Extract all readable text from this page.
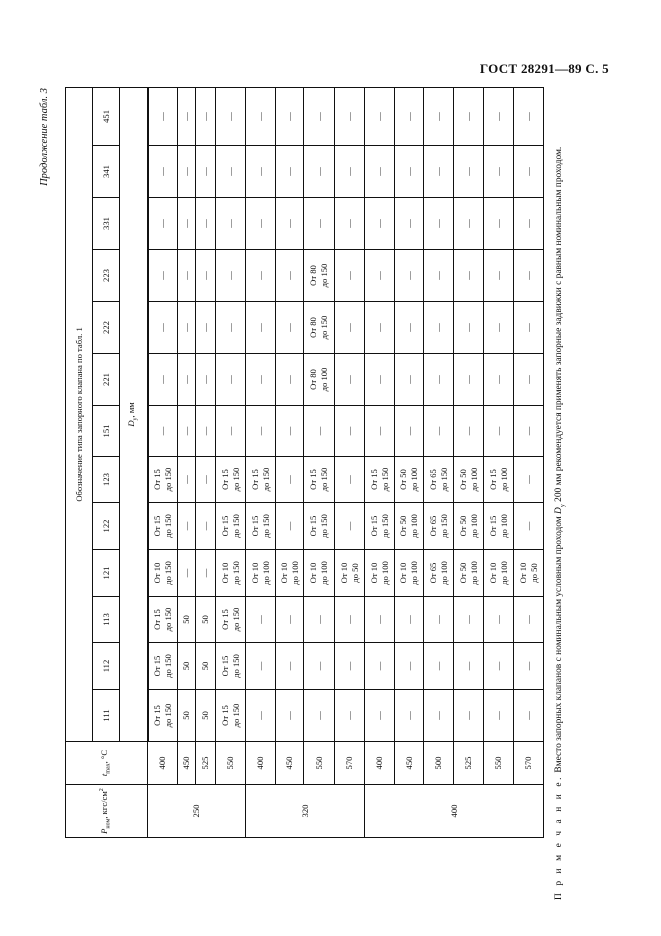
ГОСТ 28291—89 С. 5
Продолжение табл. 3
$P_{ном}$, кгс/$см^2$	$t_{max}$, °С	Обозначение типа запорного клапана по табл. 1												
		111	112	113	121	122	123	151	221	222	223	331	341	451
		$D_у$, мм												
250	400	От 15
до 150	От 15
до 150	От 15
до 150	От 10
до 150	От 15
до 150	От 15
до 150	—	—	—	—	—	—	—
	450	50	50	50	—	—	—	—	—	—	—	—	—	—
	525	50	50	50	—	—	—	—	—	—	—	—	—	—
	550	От 15
до 150	От 15
до 150	От 15
до 150	От 10
до 150	От 15
до 150	От 15
до 150	—	—	—	—	—	—	—
320	400	—	—	—	От 10
до 100	От 15
до 150	От 15
до 150	—	—	—	—	—	—	—
	450	—	—	—	От 10
до 100	—	—	—	—	—	—	—	—	—
	550	—	—	—	От 10
до 100	От 15
до 150	От 15
до 150	—	От 80
до 100	От 80
до 150	От 80
до 150	—	—	—
	570	—	—	—	От 10
до 50	—	—	—	—	—	—	—	—	—
400	400	—	—	—	От 10
до 100	От 15
до 150	От 15
до 150	—	—	—	—	—	—	—
	450	—	—	—	От 10
до 100	От 50
до 100	От 50
до 100	—	—	—	—	—	—	—
	500	—	—	—	От 65
до 100	От 65
до 150	От 65
до 150	—	—	—	—	—	—	—
	525	—	—	—	От 50
до 100	От 50
до 100	От 50
до 100	—	—	—	—	—	—	—
	550	—	—	—	От 10
до 100	От 15
до 100	От 15
до 100	—	—	—	—	—	—	—
	570	—	—	—	От 10
до 50	—	—	—	—	—	—	—	—	—
П р и м е ч а н и е. Вместо запорных клапанов с номинальным условным проходом $D_у$ 200 мм рекомендуется применять запорные задвижки с равным номинальным проходом.
